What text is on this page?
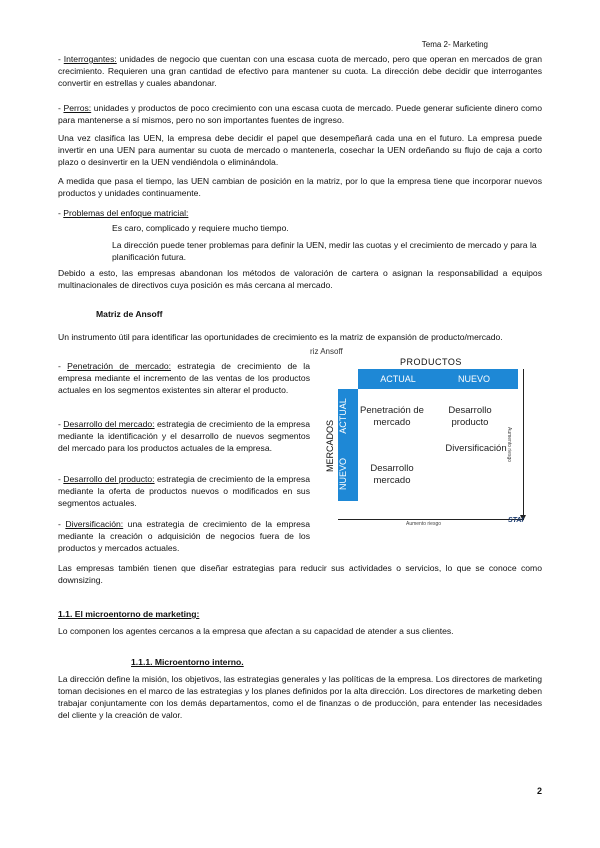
Tema 2- Marketing

- Interrogantes: unidades de negocio que cuentan con una escasa cuota de mercado, pero que operan en mercados de gran crecimiento. Requieren una gran cantidad de efectivo para mantener su cuota. La dirección debe decidir que interrogantes convertir en estrellas y cuales abandonar.

- Perros: unidades y productos de poco crecimiento con una escasa cuota de mercado. Puede generar suficiente dinero como para mantenerse a sí mismos, pero no son importantes fuentes de ingreso.

Una vez clasifica las UEN, la empresa debe decidir el papel que desempeñará cada una en el futuro. La empresa puede invertir en una UEN para aumentar su cuota de mercado o mantenerla, cosechar la UEN ordeñando su flujo de caja a corto plazo o desinvertir en la UEN vendiéndola o eliminándola.

A medida que pasa el tiempo, las UEN cambian de posición en la matriz, por lo que la empresa tiene que incorporar nuevos productos y unidades continuamente.

- Problemas del enfoque matricial:

Es caro, complicado y requiere mucho tiempo.

La dirección puede tener problemas para definir la UEN, medir las cuotas y el crecimiento de mercado y para la planificación futura.

Debido a esto, las empresas abandonan los métodos de valoración de cartera o asignan la responsabilidad a equipos multinacionales de directivos cuya posición es más cercana al mercado.

Matriz de Ansoff

Un instrumento útil para identificar las oportunidades de crecimiento es la matriz de expansión de producto/mercado.

- Penetración de mercado: estrategia de crecimiento de la empresa mediante el incremento de las ventas de los productos actuales en los segmentos existentes sin alterar el producto.

- Desarrollo del mercado: estrategia de crecimiento de la empresa mediante la identificación y el desarrollo de nuevos segmentos del mercado para los productos actuales de la empresa.

- Desarrollo del producto: estrategia de crecimiento de la empresa mediante la oferta de productos nuevos o modificados en sus segmentos actuales.

- Diversificación: una estrategia de crecimiento de la empresa mediante la creación o adquisición de negocios fuera de los productos y mercados actuales.

riz Ansoff
PRODUCTOS
ACTUAL	NUEVO
MERCADOS
ACTUAL
NUEVO
Penetración de mercado
Desarrollo producto
Desarrollo mercado
Diversificación Aumento riesgo
Aumento riesgo	STAI

Las empresas también tienen que diseñar estrategias para reducir sus actividades o servicios, lo que se conoce como downsizing.

1.1. El microentorno de marketing:

Lo componen los agentes cercanos a la empresa que afectan a su capacidad de atender a sus clientes.

1.1.1. Microentorno interno.

La dirección define la misión, los objetivos, las estrategias generales y las políticas de la empresa. Los directores de marketing toman decisiones en el marco de las estrategias y los planes definidos por la alta dirección. Los directores de marketing deben trabajar conjuntamente con los demás departamentos, como el de finanzas o de producción, para entender las necesidades del cliente y la creación de valor.

2
